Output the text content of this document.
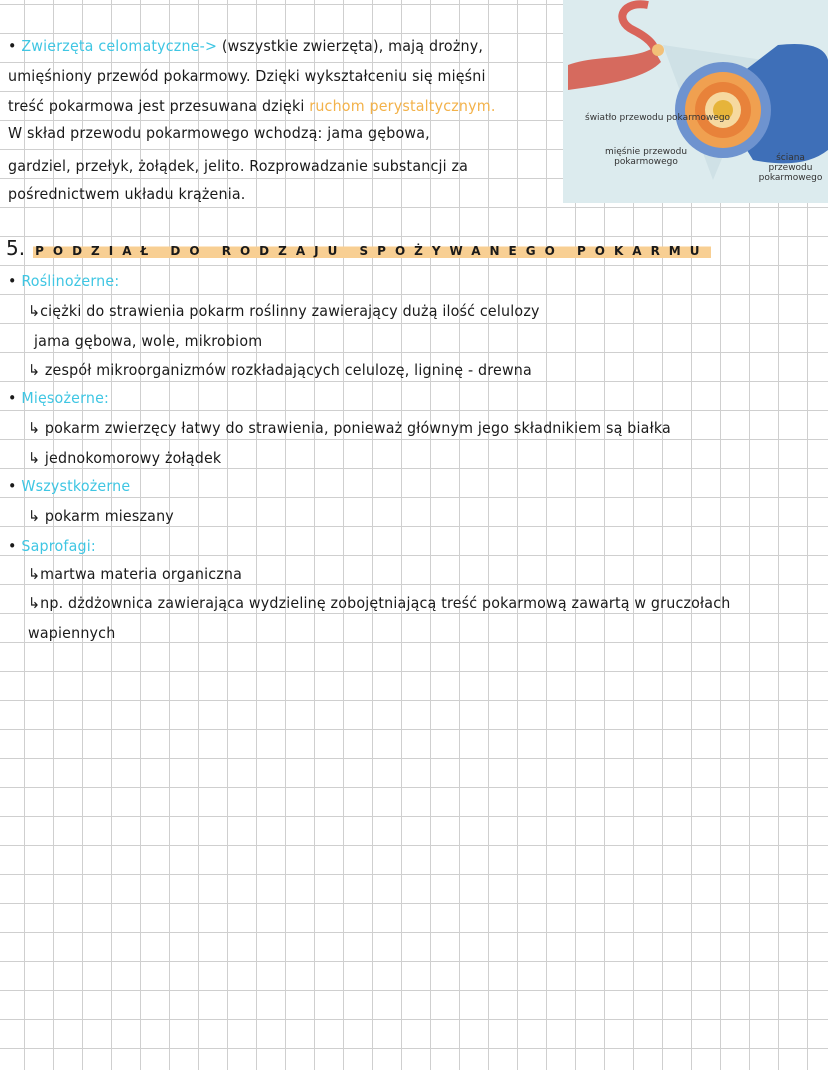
• Zwierzęta celomatyczne-> (wszystkie zwierzęta), mają drożny,
umięśniony przewód pokarmowy. Dzięki wykształceniu się mięśni
treść pokarmowa jest przesuwana dzięki ruchom perystaltycznym.
W skład przewodu pokarmowego wchodzą: jama gębowa,
gardziel, przełyk, żołądek, jelito. Rozprowadzanie substancji za
pośrednictwem układu krążenia.
światło przewodu pokarmowego
mięśnie przewodu pokarmowego	ściana przewodu pokarmowego
5. PODZIAŁ DO RODZAJU SPOŻYWANEGO POKARMU
• Roślinożerne:
↳ciężki do strawienia pokarm roślinny zawierający dużą ilość celulozy
jama gębowa, wole, mikrobiom
↳ zespół mikroorganizmów rozkładających celulozę, ligninę - drewna
• Mięsożerne:
↳ pokarm zwierzęcy łatwy do strawienia, ponieważ głównym jego składnikiem są białka
↳ jednokomorowy żołądek
• Wszystkożerne
↳ pokarm mieszany
• Saprofagi:
↳martwa materia organiczna
↳np. dżdżownica zawierająca wydzielinę zobojętniającą treść pokarmową zawartą w gruczołach
wapiennych
